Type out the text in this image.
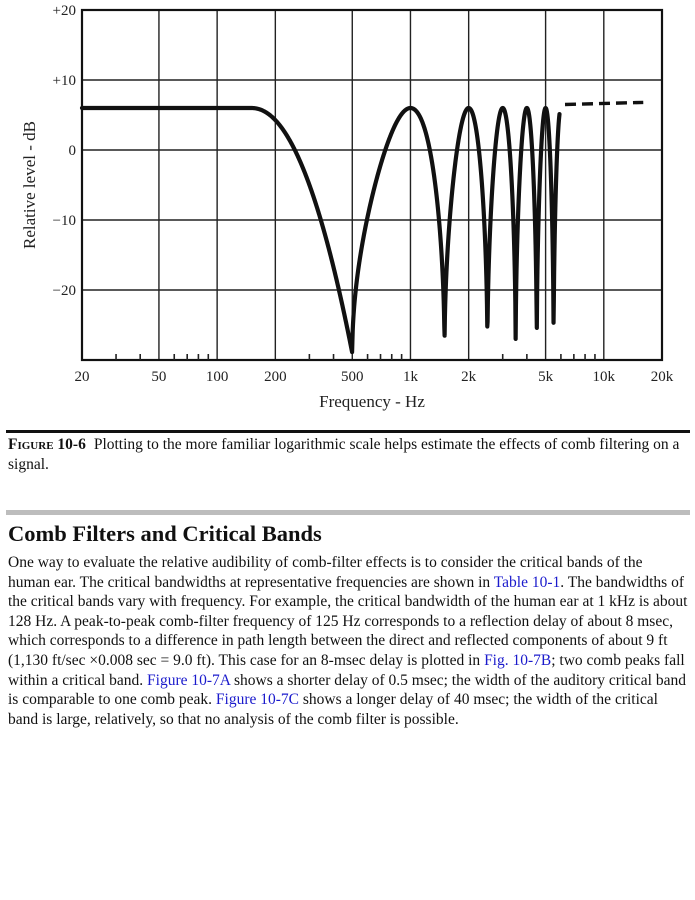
+20
+10
0
−10
−20
20	50	100 200	500	1k	2k	5k	10k 20k
Frequency - Hz
Relative level - dB
Figure 10-6 Plotting to the more familiar logarithmic scale helps estimate the effects of comb filtering on a signal.
Comb Filters and Critical Bands

One way to evaluate the relative audibility of comb-filter effects is to consider the critical bands of the human ear. The critical bandwidths at representative frequencies are shown in Table 10-1. The bandwidths of the critical bands vary with frequency. For example, the critical bandwidth of the human ear at 1 kHz is about 128 Hz. A peak-to-peak comb-filter frequency of 125 Hz corresponds to a reflection delay of about 8 msec, which corresponds to a difference in path length between the direct and reflected components of about 9 ft (1,130 ft/sec ×0.008 sec = 9.0 ft). This case for an 8-msec delay is plotted in Fig. 10-7B; two comb peaks fall within a critical band. Figure 10-7A shows a shorter delay of 0.5 msec; the width of the auditory critical band is comparable to one comb peak. Figure 10-7C shows a longer delay of 40 msec; the width of the critical band is large, relatively, so that no analysis of the comb filter is possible.
